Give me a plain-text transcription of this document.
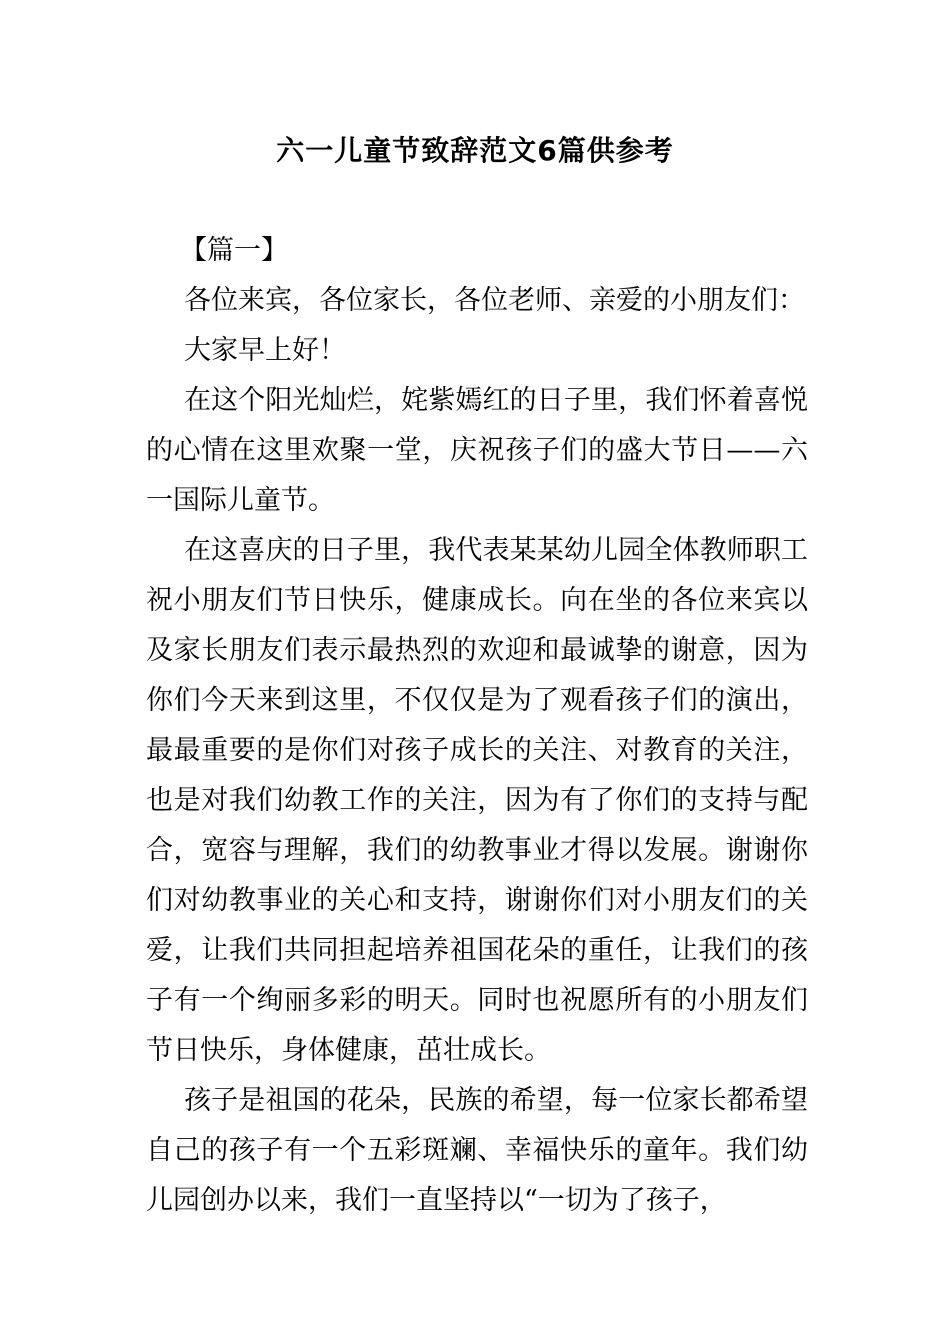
六一儿童节致辞范文6篇供参考

【篇一】

各位来宾，各位家长，各位老师、亲爱的小朋友们：

大家早上好！

在这个阳光灿烂，姹紫嫣红的日子里，我们怀着喜悦的心情在这里欢聚一堂，庆祝孩子们的盛大节日——六一国际儿童节。

在这喜庆的日子里，我代表某某幼儿园全体教师职工祝小朋友们节日快乐，健康成长。向在坐的各位来宾以及家长朋友们表示最热烈的欢迎和最诚挚的谢意，因为你们今天来到这里，不仅仅是为了观看孩子们的演出，最最重要的是你们对孩子成长的关注、对教育的关注，也是对我们幼教工作的关注，因为有了你们的支持与配合，宽容与理解，我们的幼教事业才得以发展。谢谢你们对幼教事业的关心和支持，谢谢你们对小朋友们的关爱，让我们共同担起培养祖国花朵的重任，让我们的孩子有一个绚丽多彩的明天。同时也祝愿所有的小朋友们节日快乐，身体健康，茁壮成长。

孩子是祖国的花朵，民族的希望，每一位家长都希望自己的孩子有一个五彩斑斓、幸福快乐的童年。我们幼儿园创办以来，我们一直坚持以“一切为了孩子，
